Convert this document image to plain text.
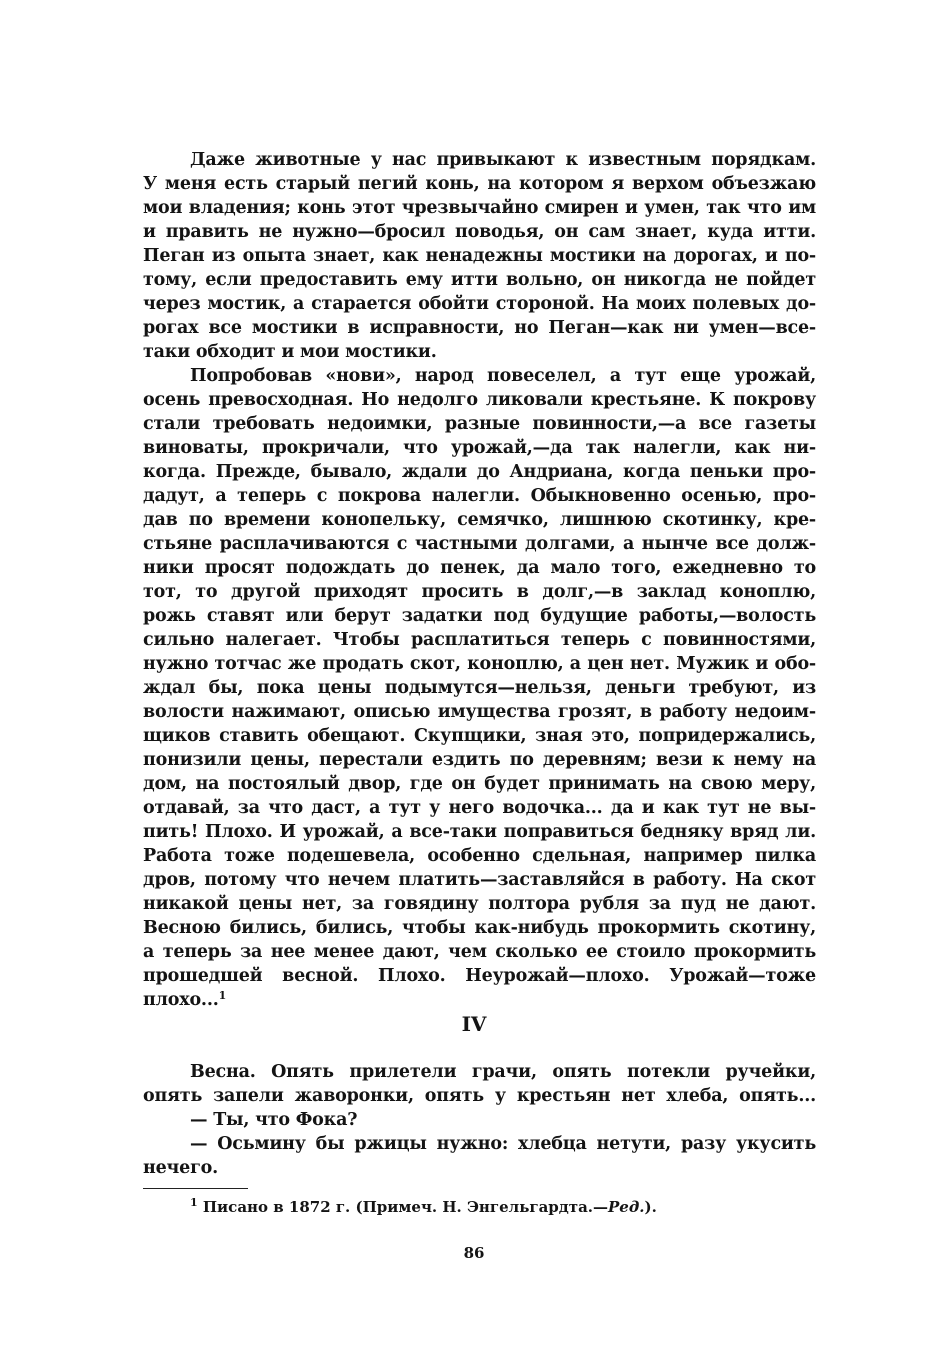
Даже животные у нас привыкают к известным порядкам.
У меня есть старый пегий конь, на котором я верхом объезжаю
мои владения; конь этот чрезвычайно смирен и умен, так что им
и править не нужно—бросил поводья, он сам знает, куда итти.
Пеган из опыта знает, как ненадежны мостики на дорогах, и по-
тому, если предоставить ему итти вольно, он никогда не пойдет
через мостик, а старается обойти стороной. На моих полевых до-
рогах все мостики в исправности, но Пеган—как ни умен—все-
таки обходит и мои мостики.
Попробовав «нови», народ повеселел, а тут еще урожай,
осень превосходная. Но недолго ликовали крестьяне. К покрову
стали требовать недоимки, разные повинности,—а все газеты
виноваты, прокричали, что урожай,—да так налегли, как ни-
когда. Прежде, бывало, ждали до Андриана, когда пеньки про-
дадут, а теперь с покрова налегли. Обыкновенно осенью, про-
дав по времени конопельку, семячко, лишнюю скотинку, кре-
стьяне расплачиваются с частными долгами, а нынче все долж-
ники просят подождать до пенек, да мало того, ежедневно то
тот, то другой приходят просить в долг,—в заклад коноплю,
рожь ставят или берут задатки под будущие работы,—волость
сильно налегает. Чтобы расплатиться теперь с повинностями,
нужно тотчас же продать скот, коноплю, а цен нет. Мужик и обо-
ждал бы, пока цены подымутся—нельзя, деньги требуют, из
волости нажимают, описью имущества грозят, в работу недоим-
щиков ставить обещают. Скупщики, зная это, попридержались,
понизили цены, перестали ездить по деревням; вези к нему на
дом, на постоялый двор, где он будет принимать на свою меру,
отдавай, за что даст, а тут у него водочка... да и как тут не вы-
пить! Плохо. И урожай, а все-таки поправиться бедняку вряд ли.
Работа тоже подешевела, особенно сдельная, например пилка
дров, потому что нечем платить—заставляйся в работу. На скот
никакой цены нет, за говядину полтора рубля за пуд не дают.
Весною бились, бились, чтобы как-нибудь прокормить скотину,
а теперь за нее менее дают, чем сколько ее стоило прокормить
прошедшей весной. Плохо. Неурожай—плохо. Урожай—тоже
плохо...$^1$
IV
Весна. Опять прилетели грачи, опять потекли ручейки,
опять запели жаворонки, опять у крестьян нет хлеба, опять...
— Ты, что Фока?
— Осьмину бы ржицы нужно: хлебца нетути, разу укусить
нечего.
$^1$ Писано в 1872 г. (Примеч. Н. Энгельгардта.—Ред.).
86
